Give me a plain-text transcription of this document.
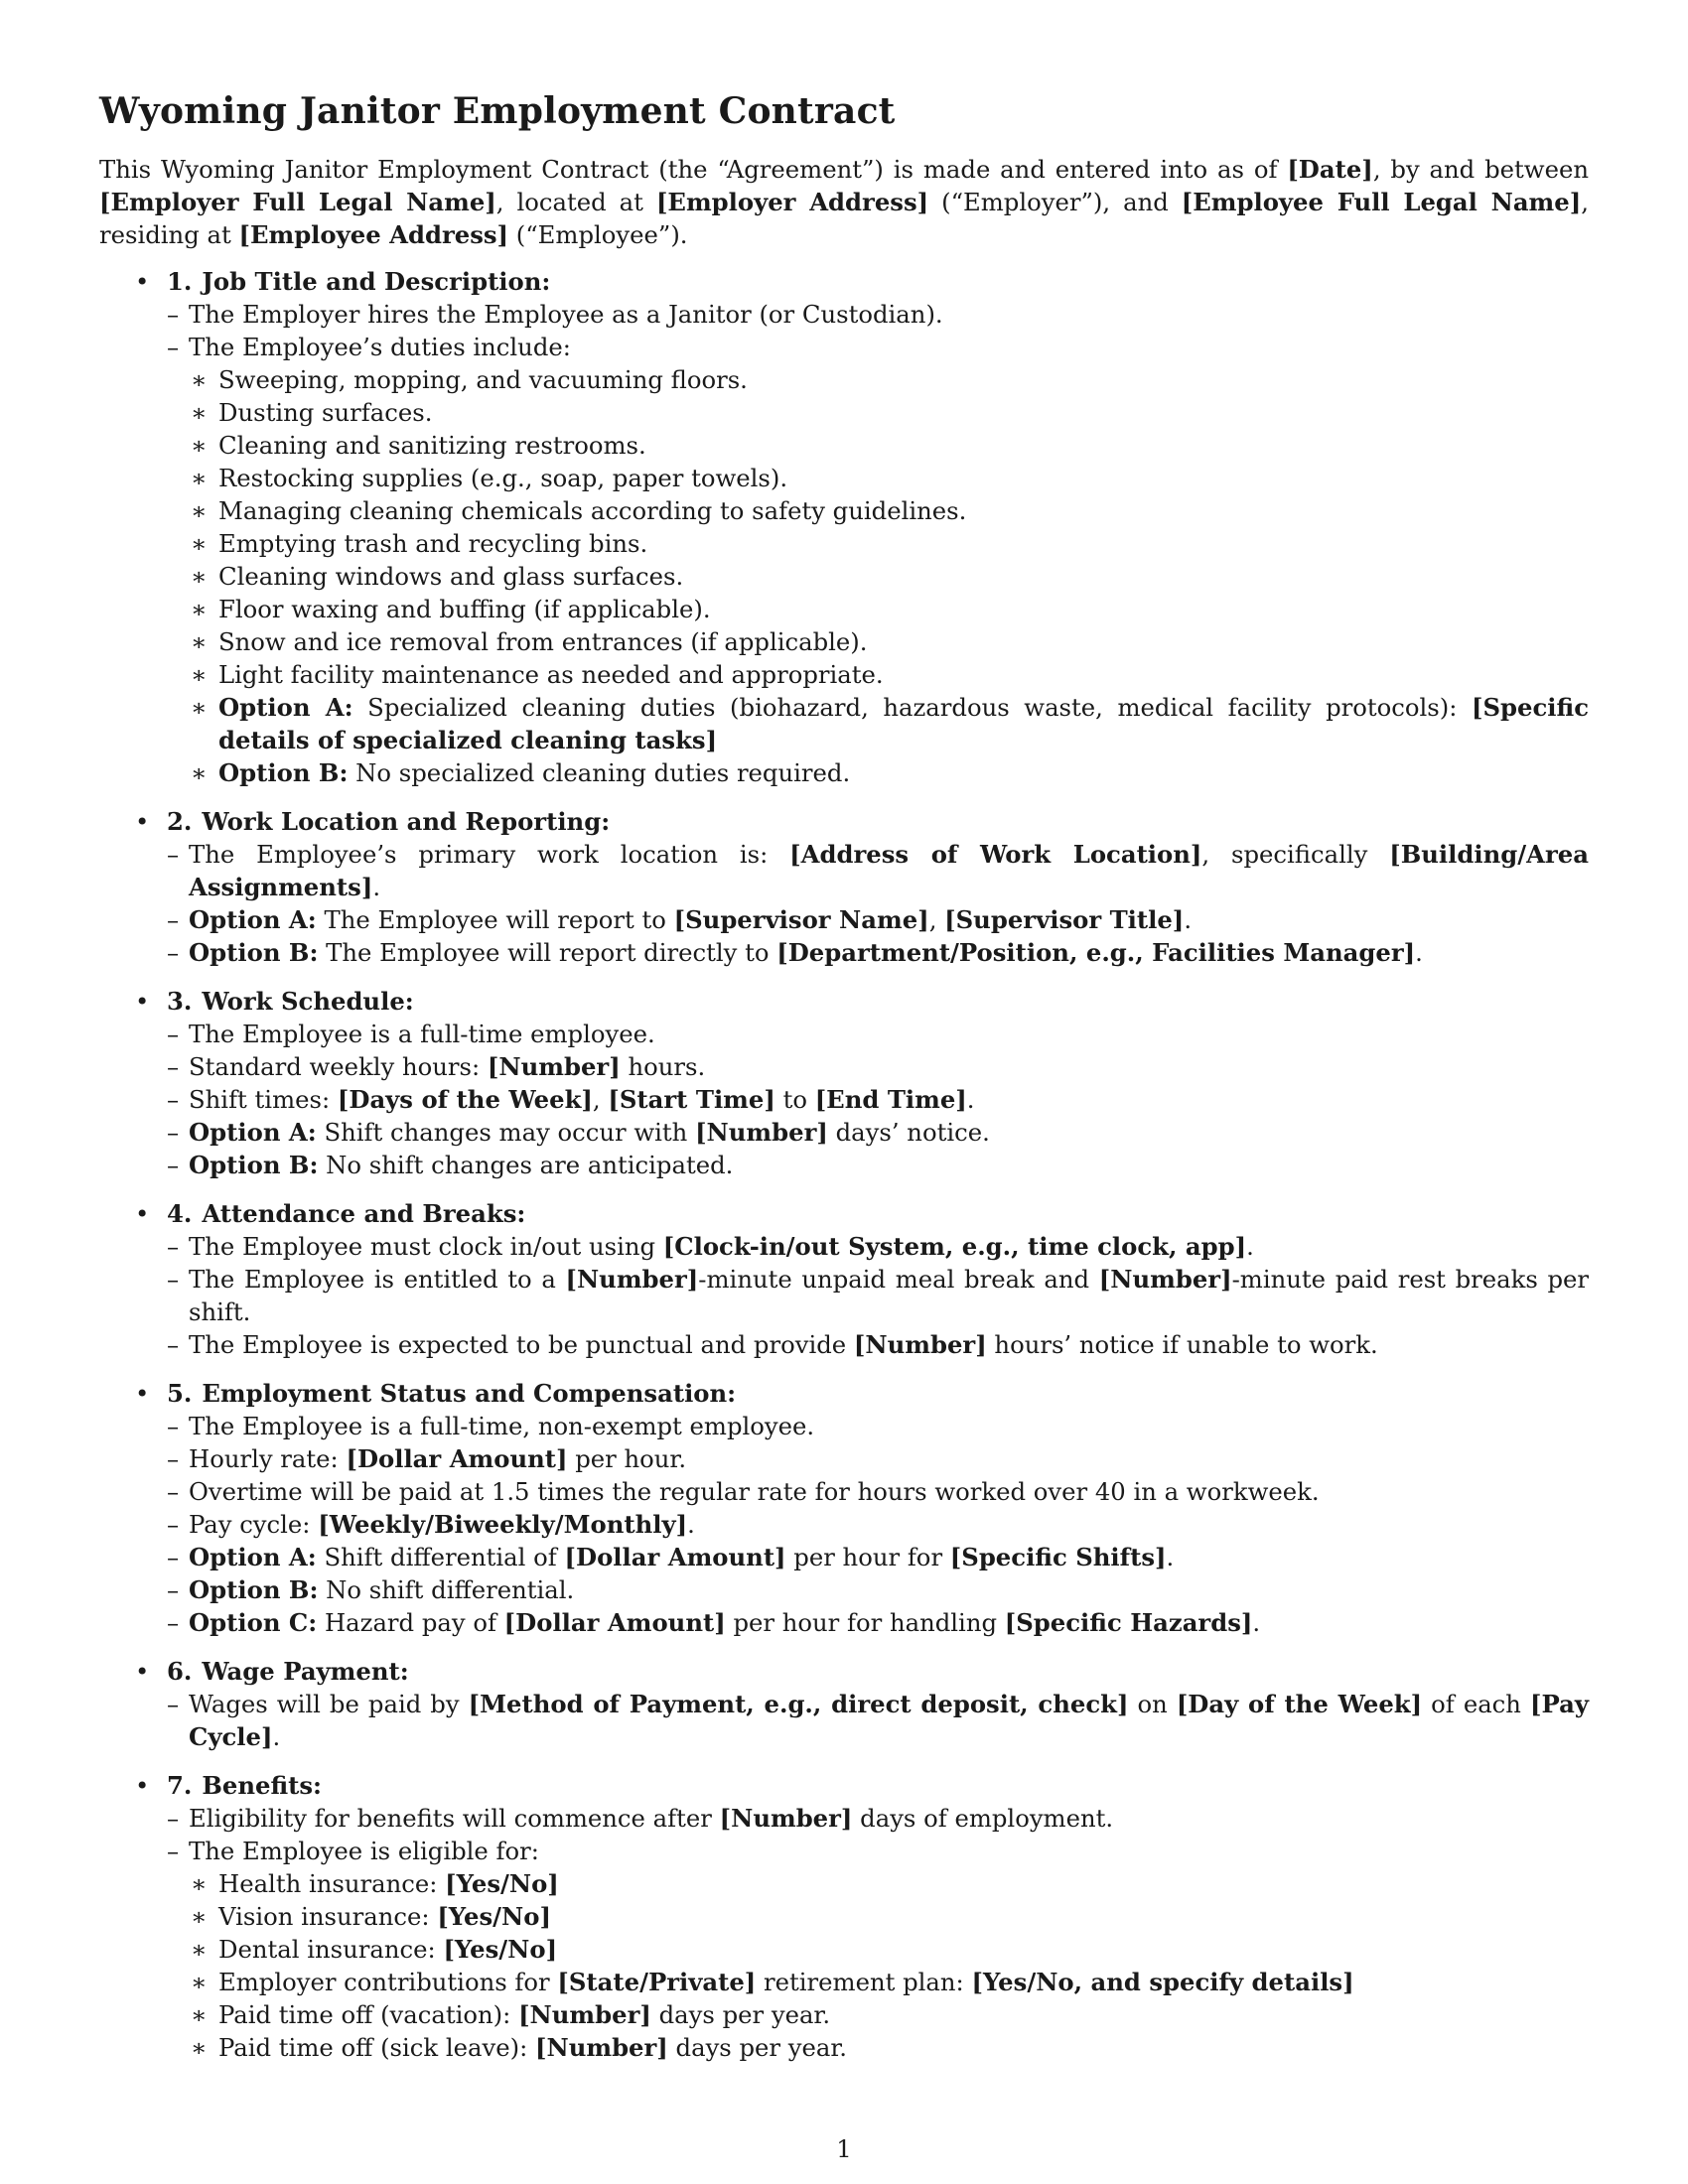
Wyoming Janitor Employment Contract

This Wyoming Janitor Employment Contract (the “Agreement”) is made and entered into as of [Date], by and between [Employer Full Legal Name], located at [Employer Address] (“Employer”), and [Employee Full Legal Name], residing at [Employee Address] (“Employee”).

• 1. Job Title and Description:
– The Employer hires the Employee as a Janitor (or Custodian).
– The Employee’s duties include:
∗ Sweeping, mopping, and vacuuming floors.
∗ Dusting surfaces.
∗ Cleaning and sanitizing restrooms.
∗ Restocking supplies (e.g., soap, paper towels).
∗ Managing cleaning chemicals according to safety guidelines.
∗ Emptying trash and recycling bins.
∗ Cleaning windows and glass surfaces.
∗ Floor waxing and buffing (if applicable).
∗ Snow and ice removal from entrances (if applicable).
∗ Light facility maintenance as needed and appropriate.
∗ Option A: Specialized cleaning duties (biohazard, hazardous waste, medical facility protocols): [Specific details of specialized cleaning tasks]
∗ Option B: No specialized cleaning duties required.
• 2. Work Location and Reporting:
– The Employee’s primary work location is: [Address of Work Location], specifically [Building/Area Assignments].
– Option A: The Employee will report to [Supervisor Name], [Supervisor Title].
– Option B: The Employee will report directly to [Department/Position, e.g., Facilities Manager].
• 3. Work Schedule:
– The Employee is a full-time employee.
– Standard weekly hours: [Number] hours.
– Shift times: [Days of the Week], [Start Time] to [End Time].
– Option A: Shift changes may occur with [Number] days’ notice.
– Option B: No shift changes are anticipated.
• 4. Attendance and Breaks:
– The Employee must clock in/out using [Clock-in/out System, e.g., time clock, app].
– The Employee is entitled to a [Number]-minute unpaid meal break and [Number]-minute paid rest breaks per shift.
– The Employee is expected to be punctual and provide [Number] hours’ notice if unable to work.
• 5. Employment Status and Compensation:
– The Employee is a full-time, non-exempt employee.
– Hourly rate: [Dollar Amount] per hour.
– Overtime will be paid at 1.5 times the regular rate for hours worked over 40 in a workweek.
– Pay cycle: [Weekly/Biweekly/Monthly].
– Option A: Shift differential of [Dollar Amount] per hour for [Specific Shifts].
– Option B: No shift differential.
– Option C: Hazard pay of [Dollar Amount] per hour for handling [Specific Hazards].
• 6. Wage Payment:
– Wages will be paid by [Method of Payment, e.g., direct deposit, check] on [Day of the Week] of each [Pay Cycle].
• 7. Benefits:
– Eligibility for benefits will commence after [Number] days of employment.
– The Employee is eligible for:
∗ Health insurance: [Yes/No]
∗ Vision insurance: [Yes/No]
∗ Dental insurance: [Yes/No]
∗ Employer contributions for [State/Private] retirement plan: [Yes/No, and specify details]
∗ Paid time off (vacation): [Number] days per year.
∗ Paid time off (sick leave): [Number] days per year.
1
